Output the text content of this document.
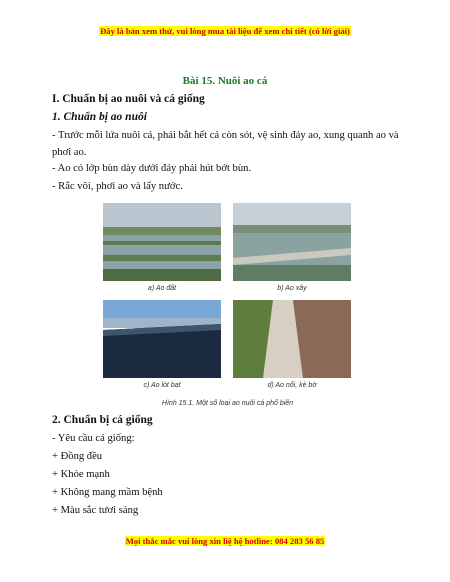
Đây là bản xem thử, vui lòng mua tài liệu để xem chi tiết (có lời giải)
Bài 15. Nuôi ao cá
I. Chuẩn bị ao nuôi và cá giống
1. Chuẩn bị ao nuôi
- Trước mỗi lứa nuôi cá, phải bắt hết cá còn sót, vệ sinh đáy ao, xung quanh ao và phơi ao.
- Ao có lớp bùn dày dưới đáy phải hút bớt bùn.
- Rắc vôi, phơi ao và lấy nước.
a) Ao đất	b) Ao xây
c) Ao lót bạt	d) Ao nổi, kè bờ
Hình 15.1. Một số loại ao nuôi cá phổ biến
2. Chuẩn bị cá giống
- Yêu cầu cá giống:
+ Đồng đều
+ Khỏe mạnh
+ Không mang mầm bệnh
+ Màu sắc tươi sáng
Mọi thắc mắc vui lòng xin liệ hệ hotline: 084 283 56 85
